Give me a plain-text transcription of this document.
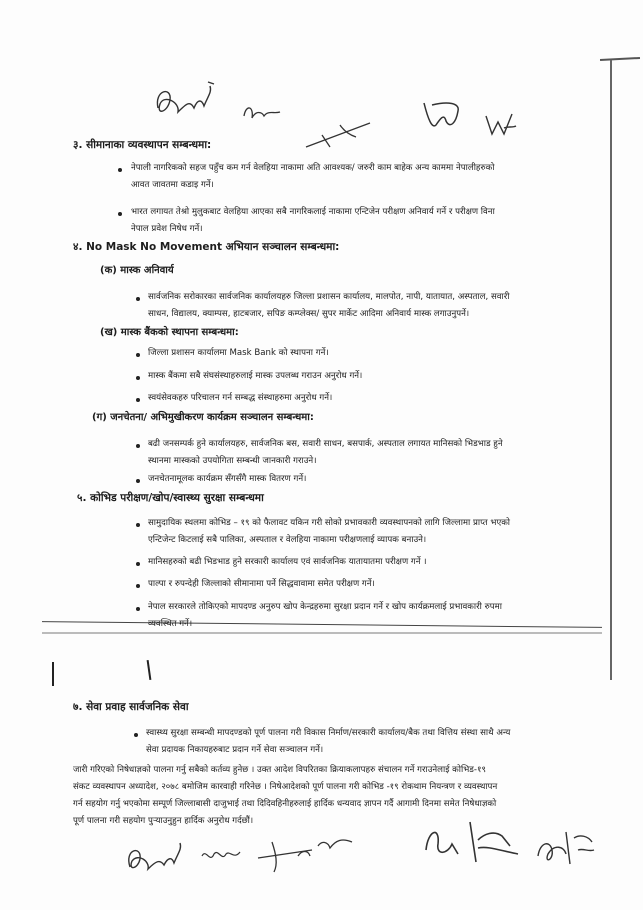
३. सीमानाका व्यवस्थापन सम्बन्धमा:
नेपाली नागरिकको सहज पहुँच कम गर्न वेलहिया नाकामा अति आवश्यक/ जरुरी काम बाहेक अन्य काममा नेपालीहरुको
आवत जावतमा कडाइ गर्ने।
भारत लगायत तेश्रो मुलुकबाट वेलहिया आएका सबै नागरिकलाई नाकामा एन्टिजेन परीक्षण अनिवार्य गर्ने र परीक्षण विना
नेपाल प्रवेश निषेध गर्ने।
४. No Mask No Movement अभियान सञ्चालन सम्बन्धमा:
(क) मास्क अनिवार्य
सार्वजनिक सरोकारका सार्वजनिक कार्यालयहरु जिल्ला प्रशासन कार्यालय, मालपोत, नापी, यातायात, अस्पताल, सवारी
साधन, विद्यालय, क्याम्पस, हाटबजार, सपिङ कम्प्लेक्स/ सुपर मार्केट आदिमा अनिवार्य मास्क लगाउनुपर्ने।
(ख) मास्क बैंकको स्थापना सम्बन्धमा:
जिल्ला प्रशासन कार्यालमा Mask Bank को स्थापना गर्ने।
मास्क बैंकमा सबै संघसंस्थाहरुलाई मास्क उपलब्ध गराउन अनुरोध गर्ने।
स्वयंसेवकहरु परिचालन गर्न सम्बद्ध संस्थाहरुमा अनुरोध गर्ने।
(ग) जनचेतना/ अभिमुखीकरण कार्यक्रम सञ्चालन सम्बन्धमा:
बढी जनसम्पर्क हुने कार्यालयहरु, सार्वजनिक बस, सवारी साधन, बसपार्क, अस्पताल लगायत मानिसको भिडभाड हुने
स्थानमा मास्कको उपयोगिता सम्बन्धी जानकारी गराउने।
जनचेतनामूलक कार्यक्रम सँगसँगै मास्क वितरण गर्ने।
५. कोभिड परीक्षण/खोप/स्वास्थ्य सुरक्षा सम्बन्धमा
सामुदायिक स्थलमा कोभिड – १९ को फैलावट यकिन गरी सोको प्रभावकारी व्यवस्थापनको लागि जिल्लामा प्राप्त भएको
एन्टिजेन्ट किटलाई सबै पालिका, अस्पताल र वेलहिया नाकामा परीक्षणलाई व्यापक बनाउने।
मानिसहरुको बढी भिडभाड हुने सरकारी कार्यालय एवं सार्वजनिक यातायातमा परीक्षण गर्ने ।
पाल्पा र रुपन्देही जिल्लाको सीमानामा पर्ने सिद्धवावामा समेत परीक्षण गर्ने।
नेपाल सरकारले तोकिएको मापदण्ड अनुरुप खोप केन्द्रहरुमा सुरक्षा प्रदान गर्ने र खोप कार्यक्रमलाई प्रभावकारी रुपमा
व्यवस्थित गर्ने।
७. सेवा प्रवाह सार्वजनिक सेवा
स्वास्थ्य सुरक्षा सम्बन्धी मापदण्डको पूर्ण पालना गरी विकास निर्माण/सरकारी कार्यालय/बैक तथा वित्तिय संस्था साथै अन्य
सेवा प्रदायक निकायहरुबाट प्रदान गर्ने सेवा सञ्चालन गर्ने।
जारी गरिएको निषेधाज्ञको पालना गर्नु सबैको कर्तव्य हुनेछ । उक्त आदेश विपरितका क्रियाकलापहरु संचालन गर्ने गराउनेलाई कोभिड-१९
संकट व्यवस्थापन अध्यादेश, २०७८ बमोजिम कारवाही गरिनेछ । निषेआदेशको पूर्ण पालना गरी कोभिड -१९ रोकथाम नियन्त्रण र व्यवस्थापन
गर्न सहयोग गर्नु भएकोमा सम्पूर्ण जिल्लाबासी दाजुभाई तथा दिदिवहिनीहरुलाई हार्दिक धन्यवाद ज्ञापन गर्दै आगामी दिनमा समेत निषेधाज्ञको
पूर्ण पालना गरी सहयोग पुऱ्याउनुहुन हार्दिक अनुरोध गर्दछौं।
